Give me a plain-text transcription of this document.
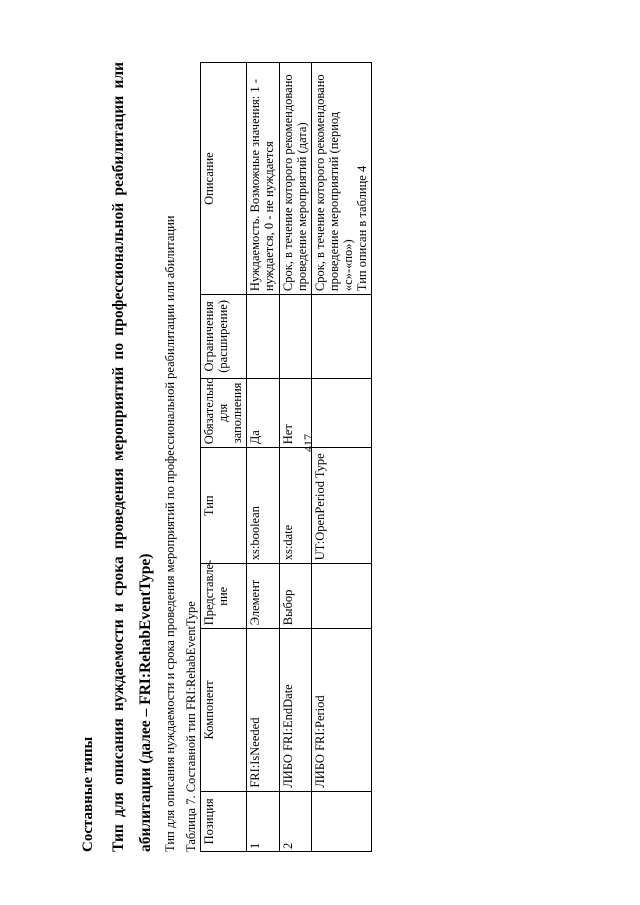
417
Составные типы Тип для описания нуждаемости и срока проведения мероприятий по профессиональной реабилитации или абилитации (далее – FRI:RehabEventType) Тип для описания нуждаемости и срока проведения мероприятий по профессиональной реабилитации или абилитации Таблица 7. Составной тип FRI:RehabEventType Позиция	Компонент	Представле-ние	Тип	Обязательно для заполнения	Ограничения (расширение)	Описание
1	FRI:IsNeeded	Элемент	xs:boolean	Да		Нуждаемость. Возможные значения: 1 - нуждается, 0 - не нуждается
2	ЛИБО FRI:EndDate	Выбор	xs:date	Нет		Срок, в течение которого рекомендовано проведение мероприятий (дата)
	ЛИБО FRI:Period		UT:OpenPeriod Type			Срок, в течение которого рекомендовано проведение мероприятий (период «с»-«по») Тип описан в таблице 4
